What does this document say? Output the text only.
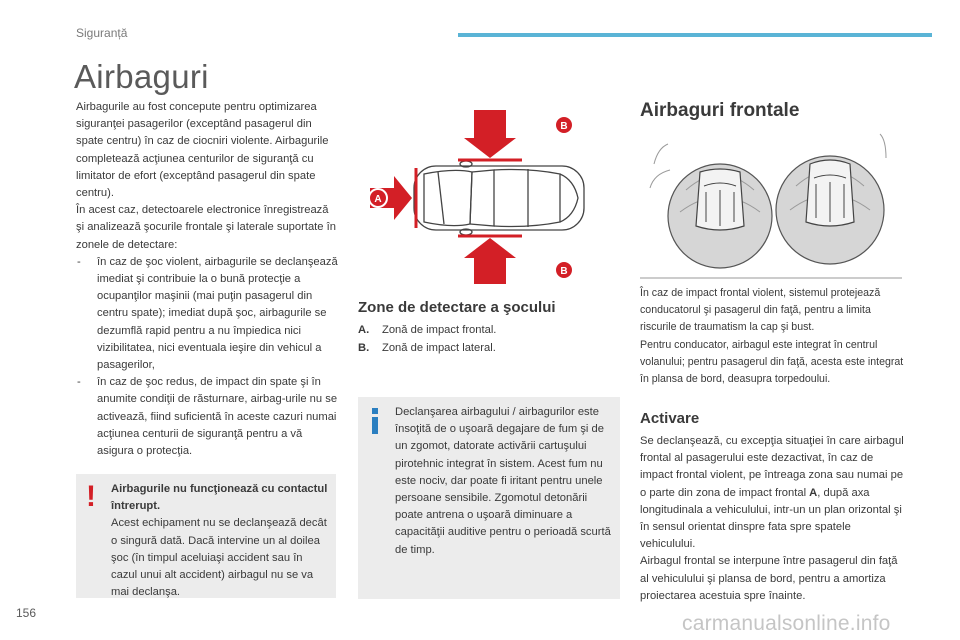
Siguranță
Airbaguri

Airbagurile au fost concepute pentru optimizarea siguranţei pasagerilor (exceptând pasagerul din spate centru) în caz de ciocniri violente. Airbagurile completează acţiunea centurilor de siguranţă cu limitator de efort (exceptând pasagerul din spate centru).

În acest caz, detectoarele electronice înregistrează şi analizează şocurile frontale şi laterale suportate în zonele de detectare:

- în caz de şoc violent, airbagurile se declanşează imediat şi contribuie la o bună protecţie a ocupanţilor maşinii (mai puţin pasagerul din centru spate); imediat după şoc, airbagurile se dezumflă rapid pentru a nu împiedica nici vizibilitatea, nici eventuala ieşire din vehicul a pasagerilor,
- în caz de şoc redus, de impact din spate şi în anumite condiţii de răsturnare, airbag-urile nu se activează, fiind suficientă în aceste cazuri numai acţiunea centurii de siguranţă pentru a vă asigura o protecţia.
! Airbagurile nu funcţionează cu contactul întrerupt.
Acest echipament nu se declanşează decât o singură dată. Dacă intervine un al doilea şoc (în timpul aceluiaşi accident sau în cazul unui alt accident) airbagul nu se va mai declanşa.
A
B
B
Zone de detectare a şocului
A.	Zonă de impact frontal.
B.	Zonă de impact lateral.
Declanşarea airbagului / airbagurilor este însoţită de o uşoară degajare de fum şi de un zgomot, datorate activării cartuşului pirotehnic integrat în sistem. Acest fum nu este nociv, dar poate fi iritant pentru unele persoane sensibile. Zgomotul detonării poate antrena o uşoară diminuare a capacităţii auditive pentru o perioadă scurtă de timp.
Airbaguri frontale

În caz de impact frontal violent, sistemul protejează conducatorul şi pasagerul din faţă, pentru a limita riscurile de traumatism la cap şi bust.

Pentru conducator, airbagul este integrat în centrul volanului; pentru pasagerul din faţă, acesta este integrat în plansa de bord, deasupra torpedoului.

Activare

Se declanşează, cu excepţia situaţiei în care airbagul frontal al pasagerului este dezactivat, în caz de impact frontal violent, pe întreaga zona sau numai pe o parte din zona de impact frontal A, după axa longitudinala a vehiculului, intr-un un plan orizontal şi în sensul orientat dinspre fata spre spatele vehiculului.

Airbagul frontal se interpune între pasagerul din faţă al vehiculului şi plansa de bord, pentru a amortiza proiectarea acestuia spre înainte.

156	carmanualsonline.info
